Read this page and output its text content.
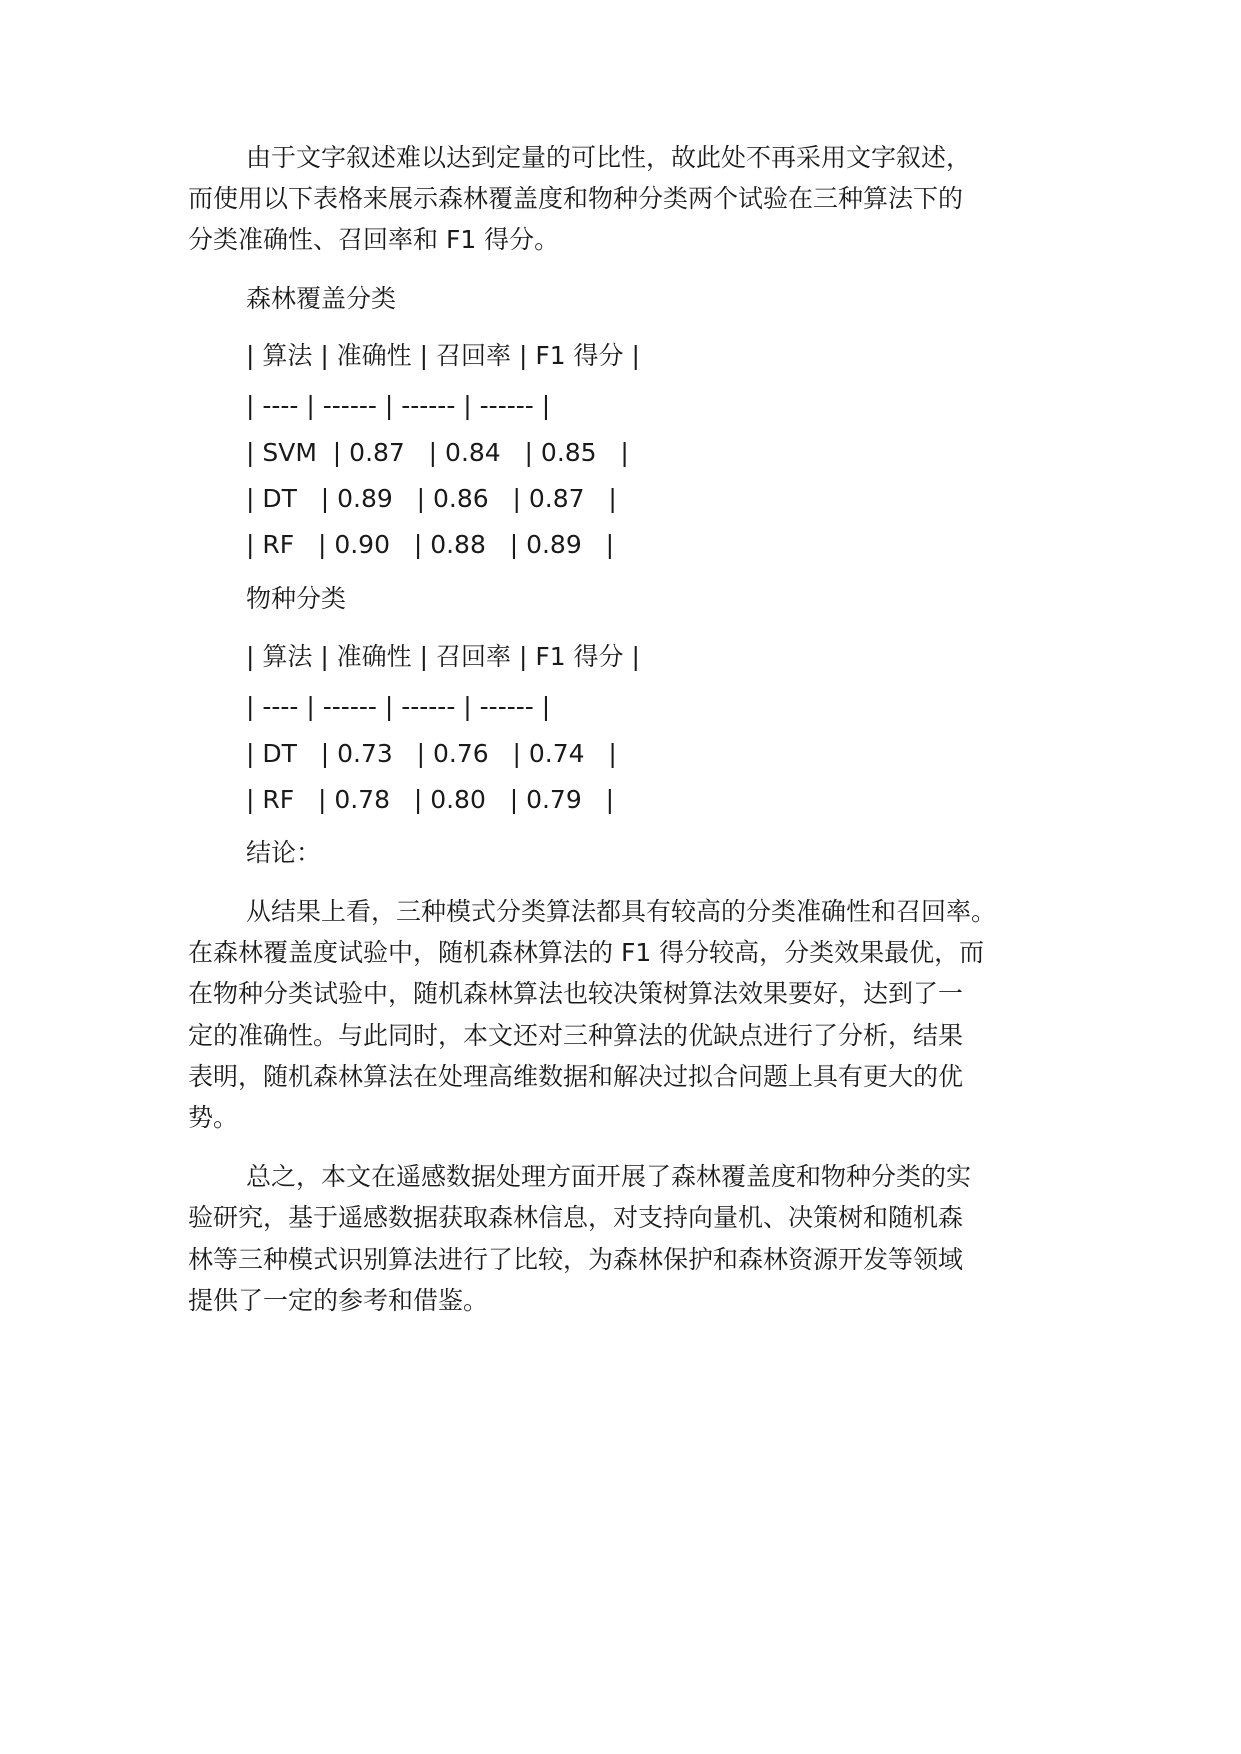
由于文字叙述难以达到定量的可比性，故此处不再采用文字叙述，
而使用以下表格来展示森林覆盖度和物种分类两个试验在三种算法下的
分类准确性、召回率和 F1 得分。
森林覆盖分类
| 算法 | 准确性 | 召回率 | F1 得分 |
| ---- | ------ | ------ | ------ |
| SVM  | 0.87   | 0.84   | 0.85   |
| DT   | 0.89   | 0.86   | 0.87   |
| RF   | 0.90   | 0.88   | 0.89   |
物种分类
| 算法 | 准确性 | 召回率 | F1 得分 |
| ---- | ------ | ------ | ------ |
| DT   | 0.73   | 0.76   | 0.74   |
| RF   | 0.78   | 0.80   | 0.79   |
结论：
从结果上看，三种模式分类算法都具有较高的分类准确性和召回率。
在森林覆盖度试验中，随机森林算法的 F1 得分较高，分类效果最优，而
在物种分类试验中，随机森林算法也较决策树算法效果要好，达到了一
定的准确性。与此同时，本文还对三种算法的优缺点进行了分析，结果
表明，随机森林算法在处理高维数据和解决过拟合问题上具有更大的优
势。
总之，本文在遥感数据处理方面开展了森林覆盖度和物种分类的实
验研究，基于遥感数据获取森林信息，对支持向量机、决策树和随机森
林等三种模式识别算法进行了比较，为森林保护和森林资源开发等领域
提供了一定的参考和借鉴。
